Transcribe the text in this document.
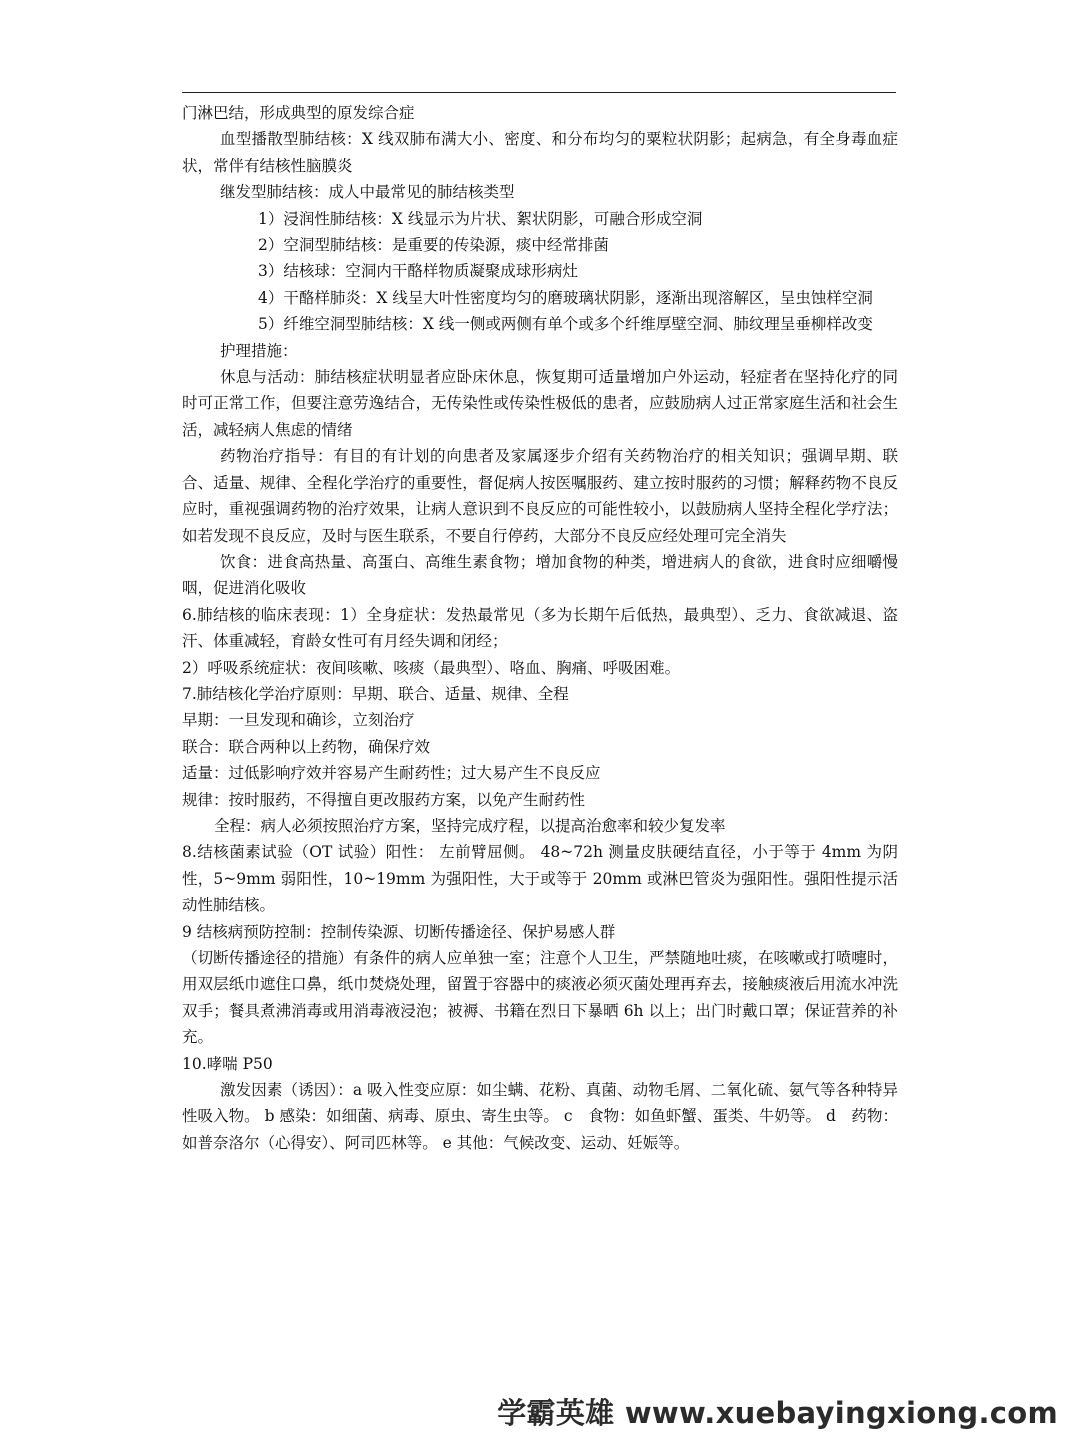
门淋巴结，形成典型的原发综合症

血型播散型肺结核：X 线双肺布满大小、密度、和分布均匀的粟粒状阴影；起病急，有全身毒血症状，常伴有结核性脑膜炎

继发型肺结核：成人中最常见的肺结核类型

1）浸润性肺结核：X 线显示为片状、絮状阴影，可融合形成空洞

2）空洞型肺结核：是重要的传染源，痰中经常排菌

3）结核球：空洞内干酪样物质凝聚成球形病灶

4）干酪样肺炎：X 线呈大叶性密度均匀的磨玻璃状阴影，逐渐出现溶解区，呈虫蚀样空洞

5）纤维空洞型肺结核：X 线一侧或两侧有单个或多个纤维厚壁空洞、肺纹理呈垂柳样改变

护理措施：

休息与活动：肺结核症状明显者应卧床休息，恢复期可适量增加户外运动，轻症者在坚持化疗的同时可正常工作，但要注意劳逸结合，无传染性或传染性极低的患者，应鼓励病人过正常家庭生活和社会生活，减轻病人焦虑的情绪

药物治疗指导：有目的有计划的向患者及家属逐步介绍有关药物治疗的相关知识；强调早期、联合、适量、规律、全程化学治疗的重要性，督促病人按医嘱服药、建立按时服药的习惯；解释药物不良反应时，重视强调药物的治疗效果，让病人意识到不良反应的可能性较小，以鼓励病人坚持全程化学疗法；如若发现不良反应，及时与医生联系，不要自行停药，大部分不良反应经处理可完全消失

饮食：进食高热量、高蛋白、高维生素食物；增加食物的种类，增进病人的食欲，进食时应细嚼慢咽，促进消化吸收

6.肺结核的临床表现：1）全身症状：发热最常见（多为长期午后低热，最典型）、乏力、食欲减退、盗汗、体重减轻，育龄女性可有月经失调和闭经；

2）呼吸系统症状：夜间咳嗽、咳痰（最典型）、咯血、胸痛、呼吸困难。

7.肺结核化学治疗原则：早期、联合、适量、规律、全程

早期：一旦发现和确诊，立刻治疗

联合：联合两种以上药物，确保疗效

适量：过低影响疗效并容易产生耐药性；过大易产生不良反应

规律：按时服药，不得擅自更改服药方案，以免产生耐药性

全程：病人必须按照治疗方案，坚持完成疗程，以提高治愈率和较少复发率

8.结核菌素试验（OT 试验）阳性： 左前臂屈侧。 48~72h 测量皮肤硬结直径，小于等于 4mm 为阴性，5~9mm 弱阳性，10~19mm 为强阳性，大于或等于 20mm 或淋巴管炎为强阳性。强阳性提示活动性肺结核。

9 结核病预防控制：控制传染源、切断传播途径、保护易感人群

（切断传播途径的措施）有条件的病人应单独一室；注意个人卫生，严禁随地吐痰，在咳嗽或打喷嚏时，用双层纸巾遮住口鼻，纸巾焚烧处理，留置于容器中的痰液必须灭菌处理再弃去，接触痰液后用流水冲洗双手；餐具煮沸消毒或用消毒液浸泡；被褥、书籍在烈日下暴晒 6h 以上；出门时戴口罩；保证营养的补充。

10.哮喘 P50

激发因素（诱因）：a 吸入性变应原：如尘螨、花粉、真菌、动物毛屑、二氧化硫、氨气等各种特异性吸入物。 b 感染：如细菌、病毒、原虫、寄生虫等。 c　食物：如鱼虾蟹、蛋类、牛奶等。 d　药物：如普奈洛尔（心得安）、阿司匹林等。 e 其他：气候改变、运动、妊娠等。

学霸英雄 www.xuebayingxiong.com
